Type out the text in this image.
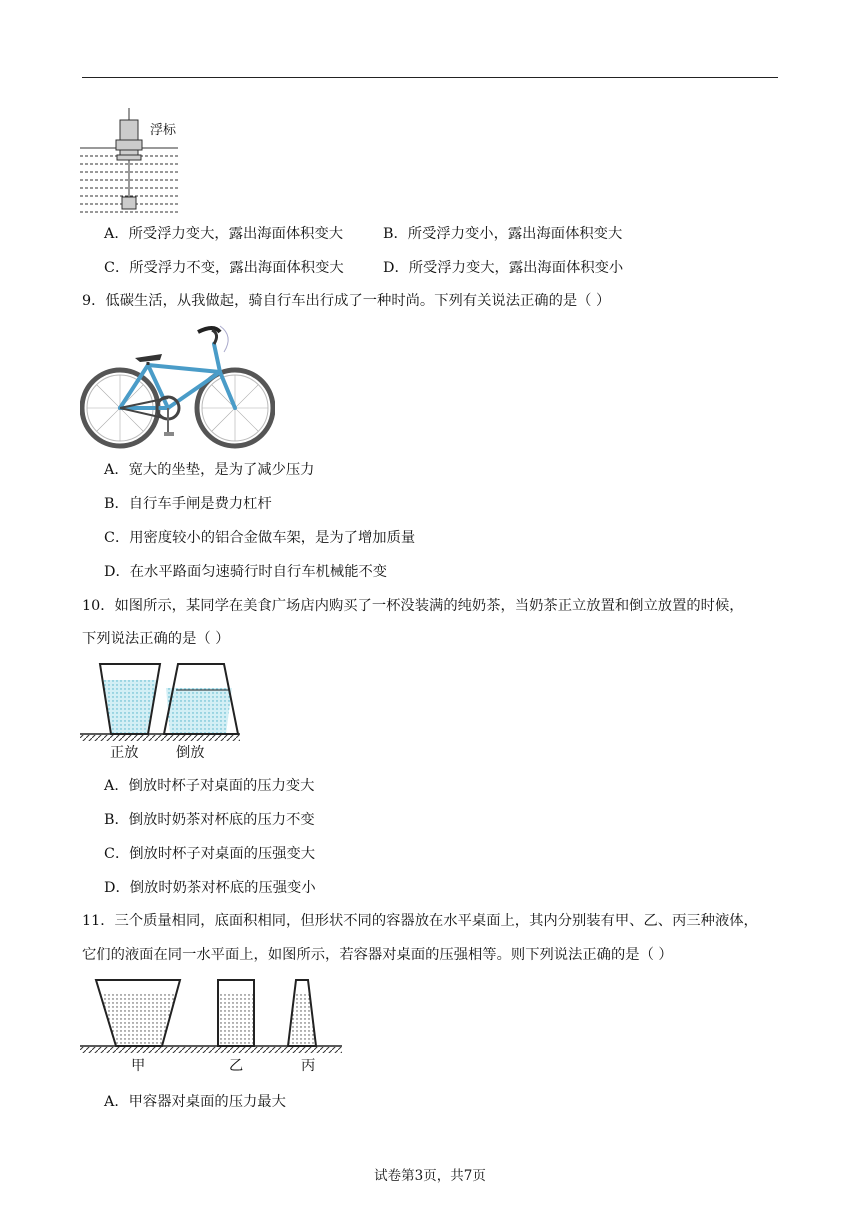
浮标
A．所受浮力变大，露出海面体积变大	B．所受浮力变小，露出海面体积变大
C．所受浮力不变，露出海面体积变大	D．所受浮力变大，露出海面体积变小
9．低碳生活，从我做起，骑自行车出行成了一种时尚。下列有关说法正确的是（ ）
A．宽大的坐垫，是为了减少压力
B．自行车手闸是费力杠杆
C．用密度较小的铝合金做车架，是为了增加质量
D．在水平路面匀速骑行时自行车机械能不变
10．如图所示，某同学在美食广场店内购买了一杯没装满的纯奶茶，当奶茶正立放置和倒立放置的时候，
下列说法正确的是（ ）
正放	倒放
A．倒放时杯子对桌面的压力变大
B．倒放时奶茶对杯底的压力不变
C．倒放时杯子对桌面的压强变大
D．倒放时奶茶对杯底的压强变小
11．三个质量相同，底面积相同，但形状不同的容器放在水平桌面上，其内分别装有甲、乙、丙三种液体，
它们的液面在同一水平面上，如图所示，若容器对桌面的压强相等。则下列说法正确的是（ ）
甲	乙	丙
A．甲容器对桌面的压力最大
试卷第3页，共7页
